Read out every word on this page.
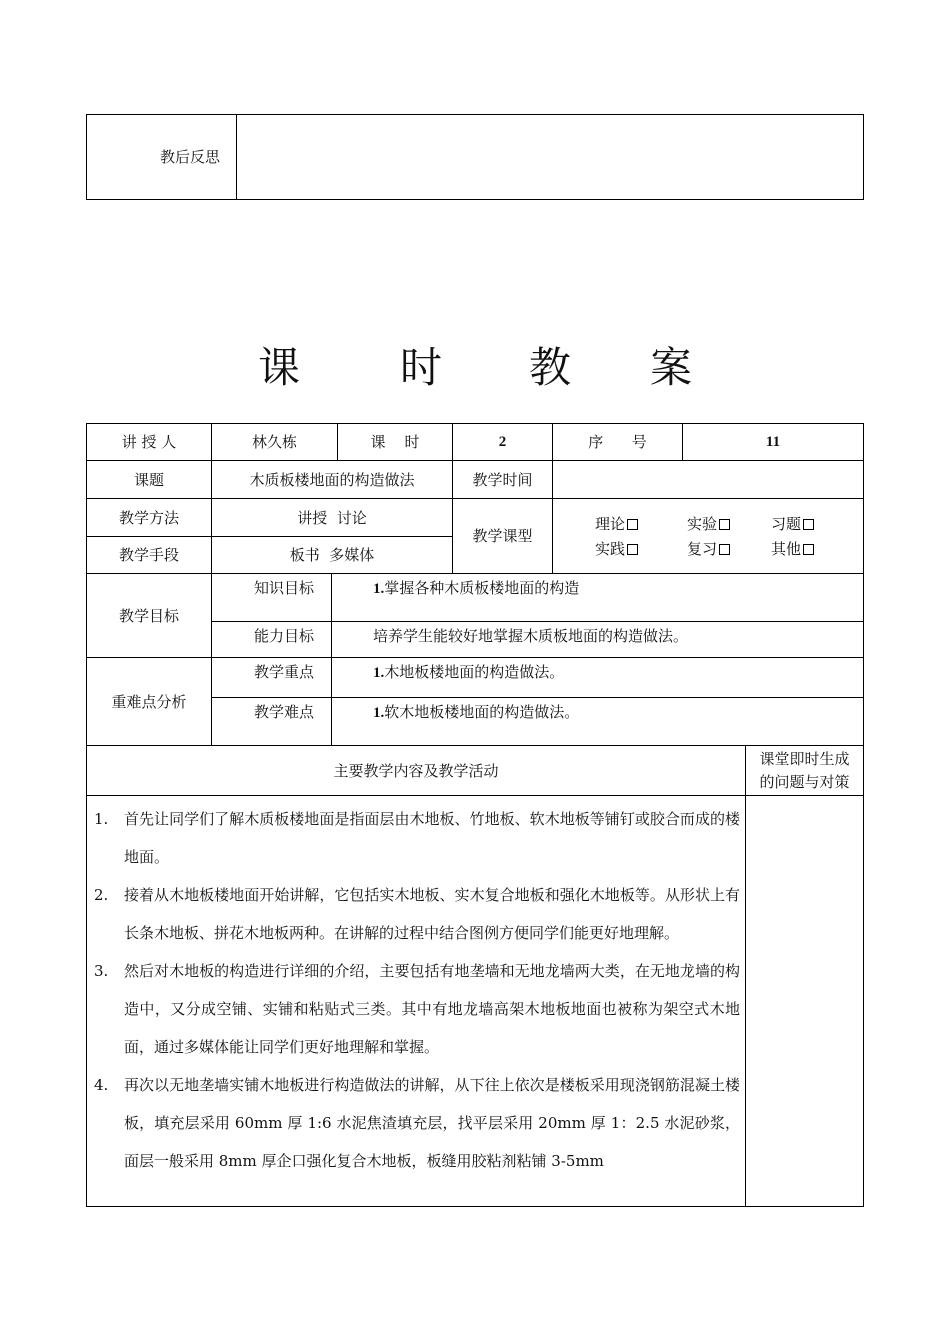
教后反思
课 时 教 案
讲 授 人	林久栋	课    时	2	序      号	11
课题	木质板楼地面的构造做法	教学时间
教学方法	讲授  讨论
教学手段	板书  多媒体
教学课型
理论	实验	习题
实践	复习	其他
教学目标
知识目标	1.掌握各种木质板楼地面的构造
能力目标	培养学生能较好地掌握木质板地面的构造做法。
重难点分析
教学重点	1.木地板楼地面的构造做法。
教学难点	1.软木地板楼地面的构造做法。
主要教学内容及教学活动
课堂即时生成
的问题与对策
1. 首先让同学们了解木质板楼地面是指面层由木地板、竹地板、软木地板等铺钉或胶合而成的楼地面。
2. 接着从木地板楼地面开始讲解，它包括实木地板、实木复合地板和强化木地板等。从形状上有长条木地板、拼花木地板两种。在讲解的过程中结合图例方便同学们能更好地理解。
3. 然后对木地板的构造进行详细的介绍，主要包括有地垄墙和无地龙墙两大类，在无地龙墙的构造中，又分成空铺、实铺和粘贴式三类。其中有地龙墙高架木地板地面也被称为架空式木地面，通过多媒体能让同学们更好地理解和掌握。
4. 再次以无地垄墙实铺木地板进行构造做法的讲解，从下往上依次是楼板采用现浇钢筋混凝土楼板，填充层采用 60mm 厚 1:6 水泥焦渣填充层，找平层采用 20mm 厚 1：2.5 水泥砂浆，面层一般采用 8mm 厚企口强化复合木地板，板缝用胶粘剂粘铺 3-5mm
